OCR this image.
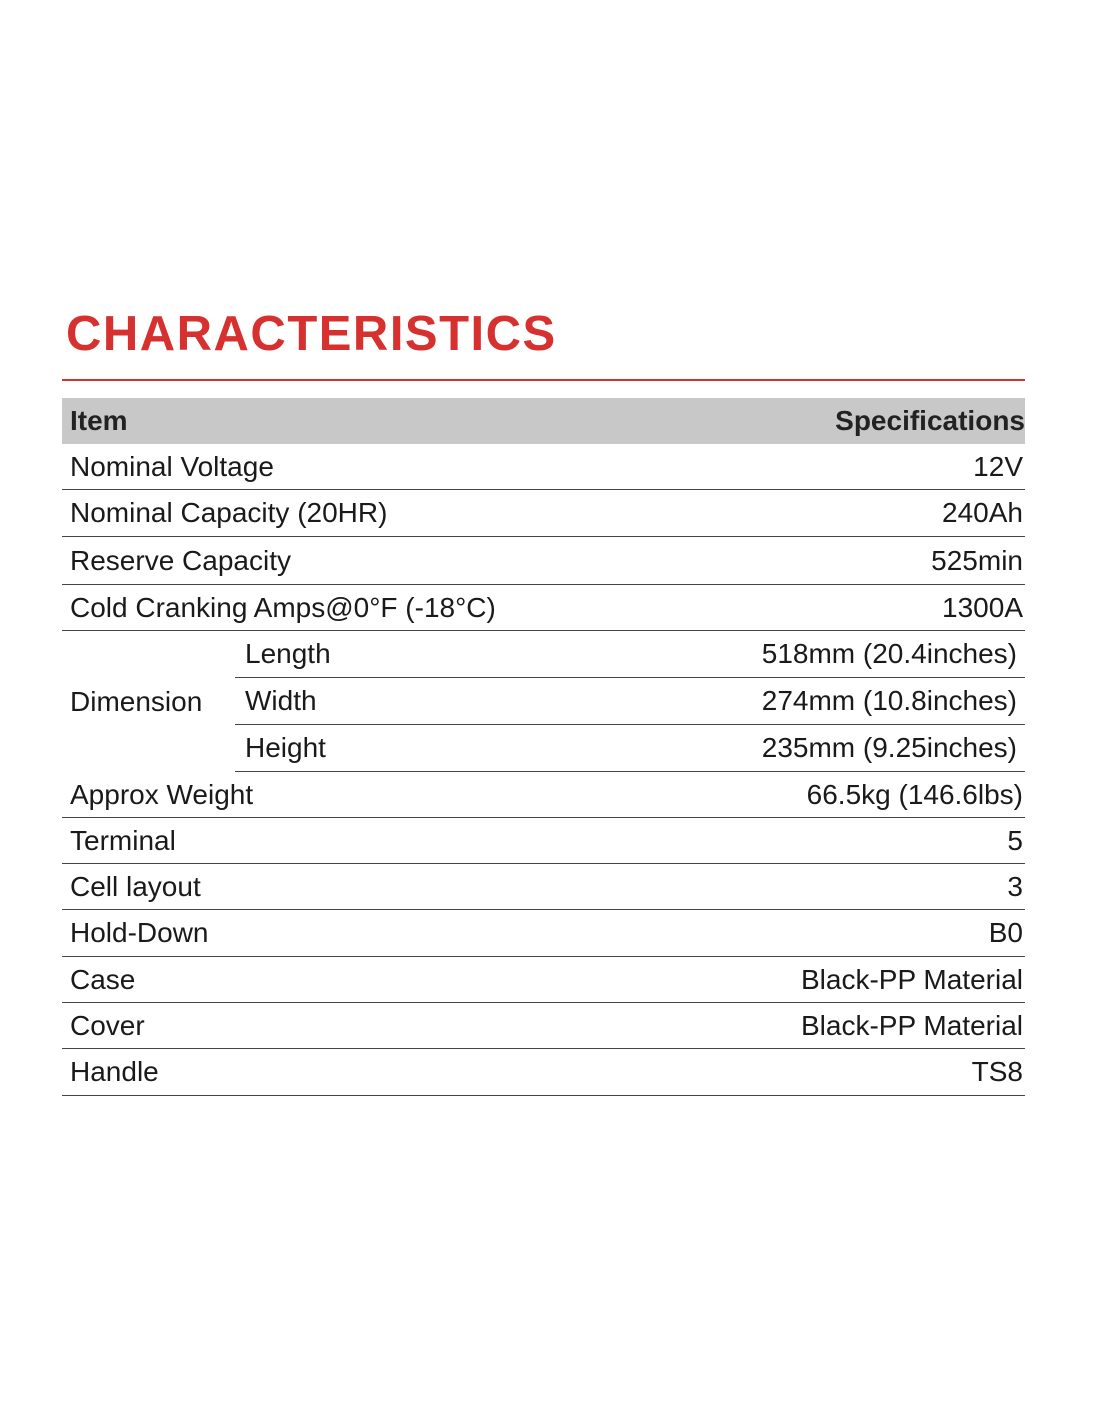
CHARACTERISTICS
Item	Specifications
Nominal Voltage	12V
Nominal Capacity (20HR)	240Ah
Reserve Capacity	525min
Cold Cranking Amps@0°F (-18°C)	1300A
Dimension
Length	518mm (20.4inches)
Width	274mm (10.8inches)
Height	235mm (9.25inches)
Approx Weight	66.5kg (146.6lbs)
Terminal	5
Cell layout	3
Hold-Down	B0
Case	Black-PP Material
Cover	Black-PP Material
Handle	TS8
